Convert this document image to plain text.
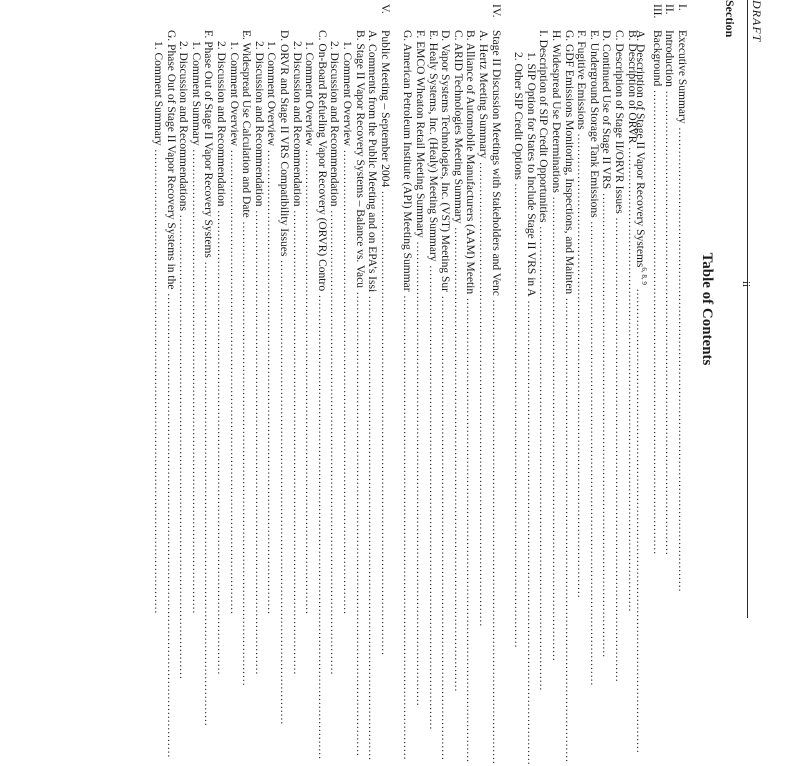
DRAFT
Table of Contents
Section
I.
Executive Summary ........................................................................................................................
II.
Introduction ........................................................................................................................
III.
Background ........................................................................................................................
A. Description of Stage II Vapor Recovery Systems$^{6, 8, 9}$ ........................................................................................................................
B. Description of ORVR ........................................................................................................................
C. Description of Stage II/ORVR Issues ........................................................................................................................
D. Continued Use of Stage II VRS ........................................................................................................................
E. Underground Storage Tank Emissions ........................................................................................................................
F. Fugitive Emissions ........................................................................................................................
G. GDF Emissions Monitoring, Inspections, and Mainten ........................................................................................................................
H. Widespread Use Determinations ........................................................................................................................
I. Description of SIP Credit Opportunities ........................................................................................................................
1. SIP Option for States to Include Stage II VRS in A ........................................................................................................................
2. Other SIP Credit Options ........................................................................................................................
IV.
Stage II Discussion Meetings with Stakeholders and Venc ........................................................................................................................
A. Hertz Meeting Summary ........................................................................................................................
B. Alliance of Automobile Manufacturers (AAM) Meetin ........................................................................................................................
C. ARID Technologies Meeting Summary ........................................................................................................................
D. Vapor Systems Technologies, Inc. (VST) Meeting Sur ........................................................................................................................
E. Healy Systems, Inc. (Healy) Meeting Summary ........................................................................................................................
F. EMCO Wheaton Retail Meeting Summary ........................................................................................................................
G. American Petroleum Institute (API) Meeting Summar ........................................................................................................................
V.
Public Meeting – September 2004 ........................................................................................................................
A. Comments from the Public Meeting and on EPA’s Issi ........................................................................................................................
B. Stage II Vapor Recovery Systems – Balance vs. Vacu ........................................................................................................................
1. Comment Overview ........................................................................................................................
2. Discussion and Recommendation ........................................................................................................................
C. On-Board Refueling Vapor Recovery (ORVR) Contro ........................................................................................................................
1. Comment Overview ........................................................................................................................
2. Discussion and Recommendation ........................................................................................................................
D. ORVR and Stage II VRS Compatibility Issues ........................................................................................................................
1. Comment Overview ........................................................................................................................
2. Discussion and Recommendation ........................................................................................................................
E. Widespread Use Calculation and Date ........................................................................................................................
1. Comment Overview ........................................................................................................................
2. Discussion and Recommendation ........................................................................................................................
F. Phase Out of Stage II Vapor Recovery Systems ........................................................................................................................
1. Comment Summary ........................................................................................................................
2. Discussion and Recommendations ........................................................................................................................
G. Phase Out of Stage II Vapor Recovery Systems in the ........................................................................................................................
1. Comment Summary ........................................................................................................................	ii
